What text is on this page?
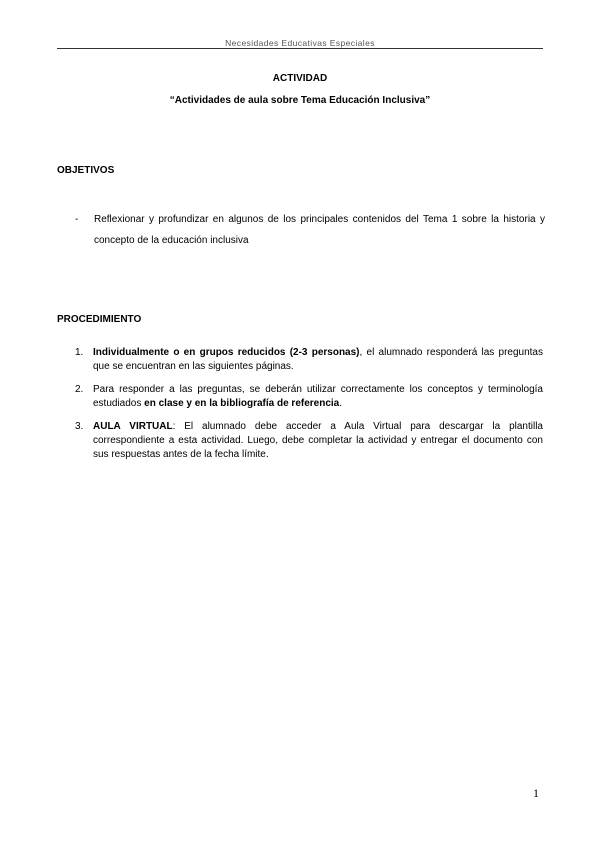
Necesidades Educativas Especiales
ACTIVIDAD
“Actividades de aula sobre Tema Educación Inclusiva”
OBJETIVOS
- Reflexionar y profundizar en algunos de los principales contenidos del Tema 1 sobre la historia y concepto de la educación inclusiva
PROCEDIMIENTO
1. Individualmente o en grupos reducidos (2-3 personas), el alumnado responderá las preguntas que se encuentran en las siguientes páginas.
2. Para responder a las preguntas, se deberán utilizar correctamente los conceptos y terminología estudiados en clase y en la bibliografía de referencia.
3. AULA VIRTUAL: El alumnado debe acceder a Aula Virtual para descargar la plantilla correspondiente a esta actividad. Luego, debe completar la actividad y entregar el documento con sus respuestas antes de la fecha límite.
1
